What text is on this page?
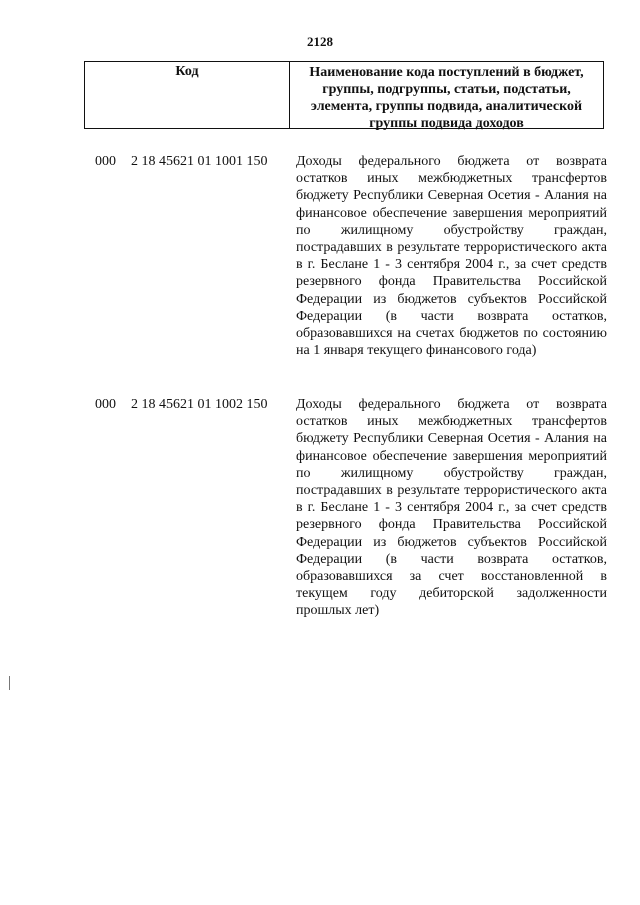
2128
Код	Наименование кода поступлений в бюджет, группы, подгруппы, статьи, подстатьи, элемента, группы подвида, аналитической группы подвида доходов
000	2 18 45621 01 1001 150	Доходы федерального бюджета от возврата остатков иных межбюджетных трансфертов бюджету Республики Северная Осетия - Алания на финансовое обеспечение завершения мероприятий по жилищному обустройству граждан, пострадавших в результате террористического акта в г. Беслане 1 - 3 сентября 2004 г., за счет средств резервного фонда Правительства Российской Федерации из бюджетов субъектов Российской Федерации (в части возврата остатков, образовавшихся на счетах бюджетов по состоянию на 1 января текущего финансового года)
000	2 18 45621 01 1002 150	Доходы федерального бюджета от возврата остатков иных межбюджетных трансфертов бюджету Республики Северная Осетия - Алания на финансовое обеспечение завершения мероприятий по жилищному обустройству граждан, пострадавших в результате террористического акта в г. Беслане 1 - 3 сентября 2004 г., за счет средств резервного фонда Правительства Российской Федерации из бюджетов субъектов Российской Федерации (в части возврата остатков, образовавшихся за счет восстановленной в текущем году дебиторской задолженности прошлых лет)
